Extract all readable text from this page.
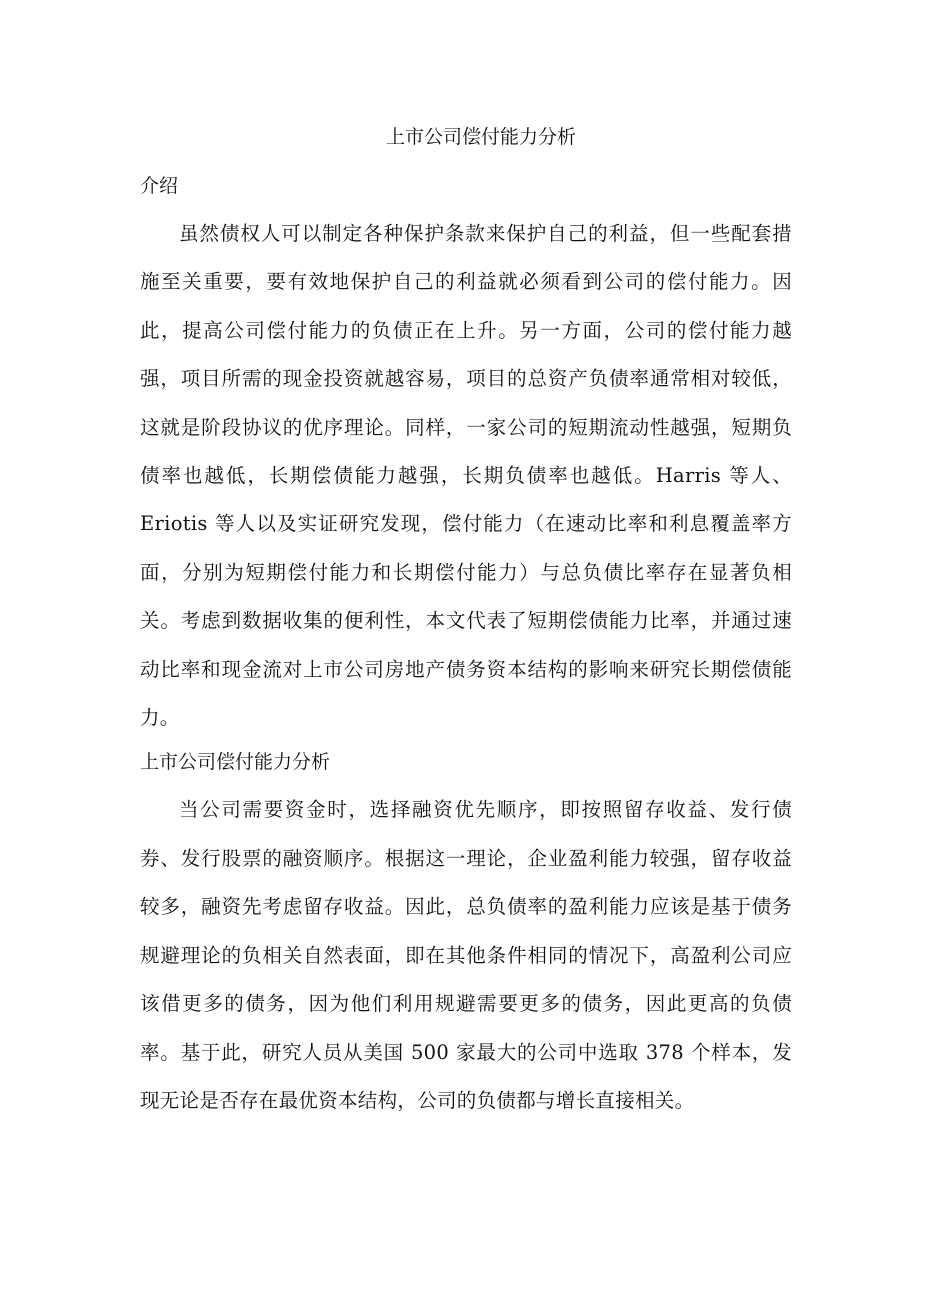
上市公司偿付能力分析
介绍

虽然债权人可以制定各种保护条款来保护自己的利益，但一些配套措施至关重要，要有效地保护自己的利益就必须看到公司的偿付能力。因此，提高公司偿付能力的负债正在上升。另一方面，公司的偿付能力越强，项目所需的现金投资就越容易，项目的总资产负债率通常相对较低，这就是阶段协议的优序理论。同样，一家公司的短期流动性越强，短期负债率也越低，长期偿债能力越强，长期负债率也越低。Harris 等人、Eriotis 等人以及实证研究发现，偿付能力（在速动比率和利息覆盖率方面，分别为短期偿付能力和长期偿付能力）与总负债比率存在显著负相关。考虑到数据收集的便利性，本文代表了短期偿债能力比率，并通过速动比率和现金流对上市公司房地产债务资本结构的影响来研究长期偿债能力。

上市公司偿付能力分析

当公司需要资金时，选择融资优先顺序，即按照留存收益、发行债券、发行股票的融资顺序。根据这一理论，企业盈利能力较强，留存收益较多，融资先考虑留存收益。因此，总负债率的盈利能力应该是基于债务规避理论的负相关自然表面，即在其他条件相同的情况下，高盈利公司应该借更多的债务，因为他们利用规避需要更多的债务，因此更高的负债率。基于此，研究人员从美国 500 家最大的公司中选取 378 个样本，发现无论是否存在最优资本结构，公司的负债都与增长直接相关。
